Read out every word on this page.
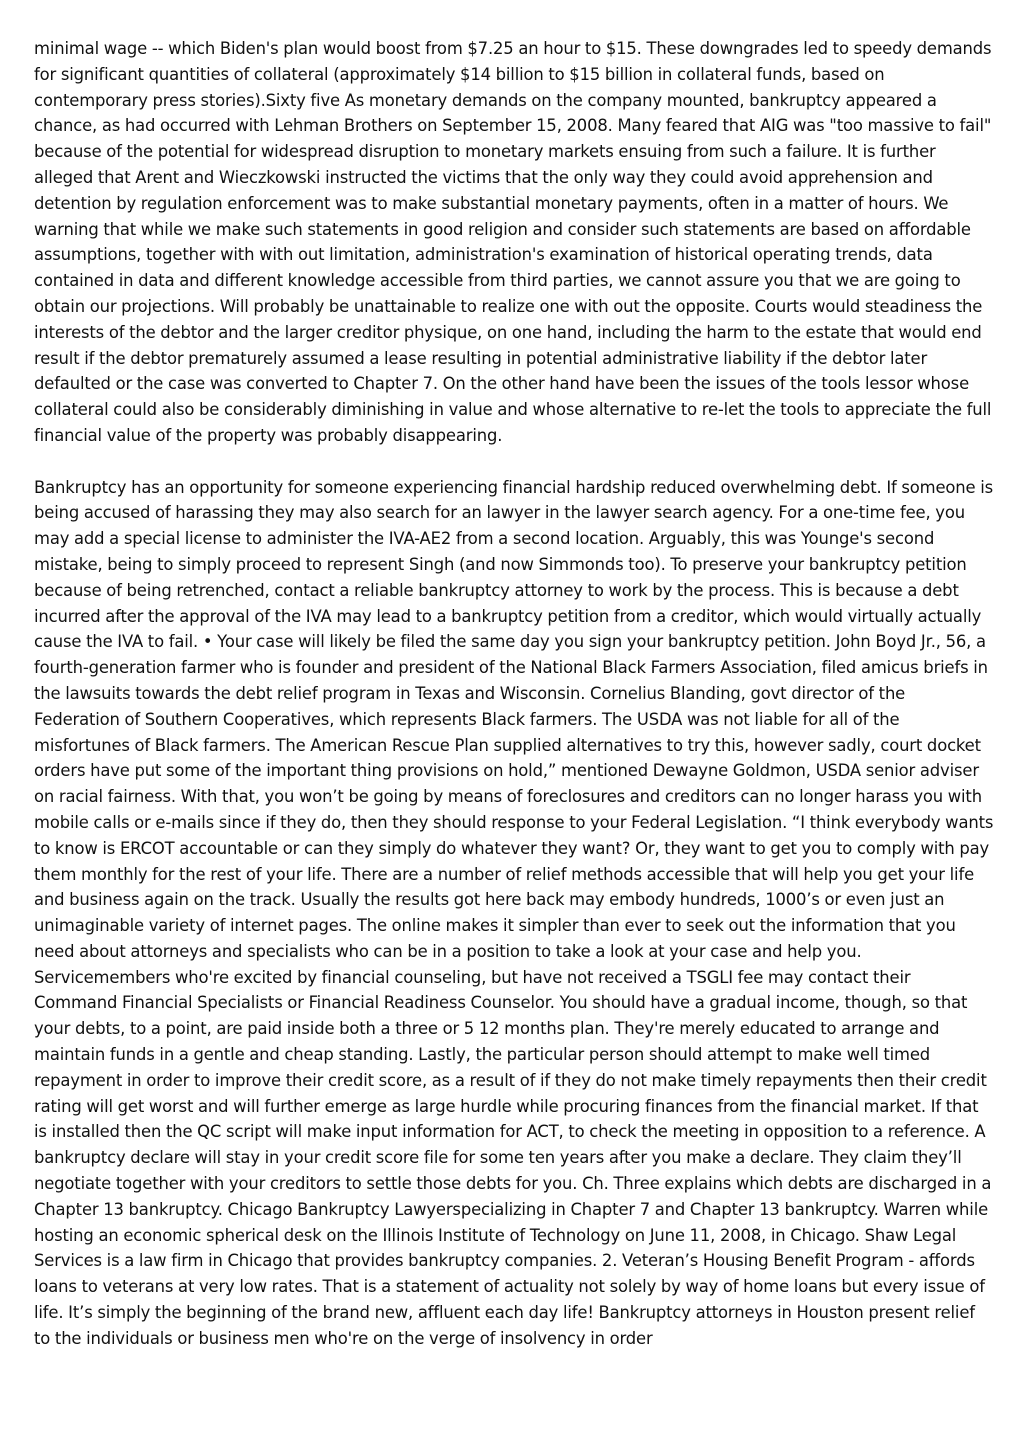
minimal wage -- which Biden's plan would boost from $7.25 an hour to $15. These downgrades led to speedy demands for significant quantities of collateral (approximately $14 billion to $15 billion in collateral funds, based on contemporary press stories).Sixty five As monetary demands on the company mounted, bankruptcy appeared a chance, as had occurred with Lehman Brothers on September 15, 2008. Many feared that AIG was "too massive to fail" because of the potential for widespread disruption to monetary markets ensuing from such a failure. It is further alleged that Arent and Wieczkowski instructed the victims that the only way they could avoid apprehension and detention by regulation enforcement was to make substantial monetary payments, often in a matter of hours. We warning that while we make such statements in good religion and consider such statements are based on affordable assumptions, together with with out limitation, administration's examination of historical operating trends, data contained in data and different knowledge accessible from third parties, we cannot assure you that we are going to obtain our projections. Will probably be unattainable to realize one with out the opposite. Courts would steadiness the interests of the debtor and the larger creditor physique, on one hand, including the harm to the estate that would end result if the debtor prematurely assumed a lease resulting in potential administrative liability if the debtor later defaulted or the case was converted to Chapter 7. On the other hand have been the issues of the tools lessor whose collateral could also be considerably diminishing in value and whose alternative to re-let the tools to appreciate the full financial value of the property was probably disappearing.

Bankruptcy has an opportunity for someone experiencing financial hardship reduced overwhelming debt. If someone is being accused of harassing they may also search for an lawyer in the lawyer search agency. For a one-time fee, you may add a special license to administer the IVA-AE2 from a second location. Arguably, this was Younge's second mistake, being to simply proceed to represent Singh (and now Simmonds too). To preserve your bankruptcy petition because of being retrenched, contact a reliable bankruptcy attorney to work by the process. This is because a debt incurred after the approval of the IVA may lead to a bankruptcy petition from a creditor, which would virtually actually cause the IVA to fail. • Your case will likely be filed the same day you sign your bankruptcy petition. John Boyd Jr., 56, a fourth-generation farmer who is founder and president of the National Black Farmers Association, filed amicus briefs in the lawsuits towards the debt relief program in Texas and Wisconsin. Cornelius Blanding, govt director of the Federation of Southern Cooperatives, which represents Black farmers. The USDA was not liable for all of the misfortunes of Black farmers. The American Rescue Plan supplied alternatives to try this, however sadly, court docket orders have put some of the important thing provisions on hold,” mentioned Dewayne Goldmon, USDA senior adviser on racial fairness. With that, you won’t be going by means of foreclosures and creditors can no longer harass you with mobile calls or e-mails since if they do, then they should response to your Federal Legislation. “I think everybody wants to know is ERCOT accountable or can they simply do whatever they want? Or, they want to get you to comply with pay them monthly for the rest of your life. There are a number of relief methods accessible that will help you get your life and business again on the track. Usually the results got here back may embody hundreds, 1000’s or even just an unimaginable variety of internet pages. The online makes it simpler than ever to seek out the information that you need about attorneys and specialists who can be in a position to take a look at your case and help you. Servicemembers who're excited by financial counseling, but have not received a TSGLI fee may contact their Command Financial Specialists or Financial Readiness Counselor. You should have a gradual income, though, so that your debts, to a point, are paid inside both a three or 5 12 months plan. They're merely educated to arrange and maintain funds in a gentle and cheap standing. Lastly, the particular person should attempt to make well timed repayment in order to improve their credit score, as a result of if they do not make timely repayments then their credit rating will get worst and will further emerge as large hurdle while procuring finances from the financial market. If that is installed then the QC script will make input information for ACT, to check the meeting in opposition to a reference. A bankruptcy declare will stay in your credit score file for some ten years after you make a declare. They claim they’ll negotiate together with your creditors to settle those debts for you. Ch. Three explains which debts are discharged in a Chapter 13 bankruptcy. Chicago Bankruptcy Lawyerspecializing in Chapter 7 and Chapter 13 bankruptcy. Warren while hosting an economic spherical desk on the Illinois Institute of Technology on June 11, 2008, in Chicago. Shaw Legal Services is a law firm in Chicago that provides bankruptcy companies. 2. Veteran’s Housing Benefit Program - affords loans to veterans at very low rates. That is a statement of actuality not solely by way of home loans but every issue of life. It’s simply the beginning of the brand new, affluent each day life! Bankruptcy attorneys in Houston present relief to the individuals or business men who're on the verge of insolvency in order
